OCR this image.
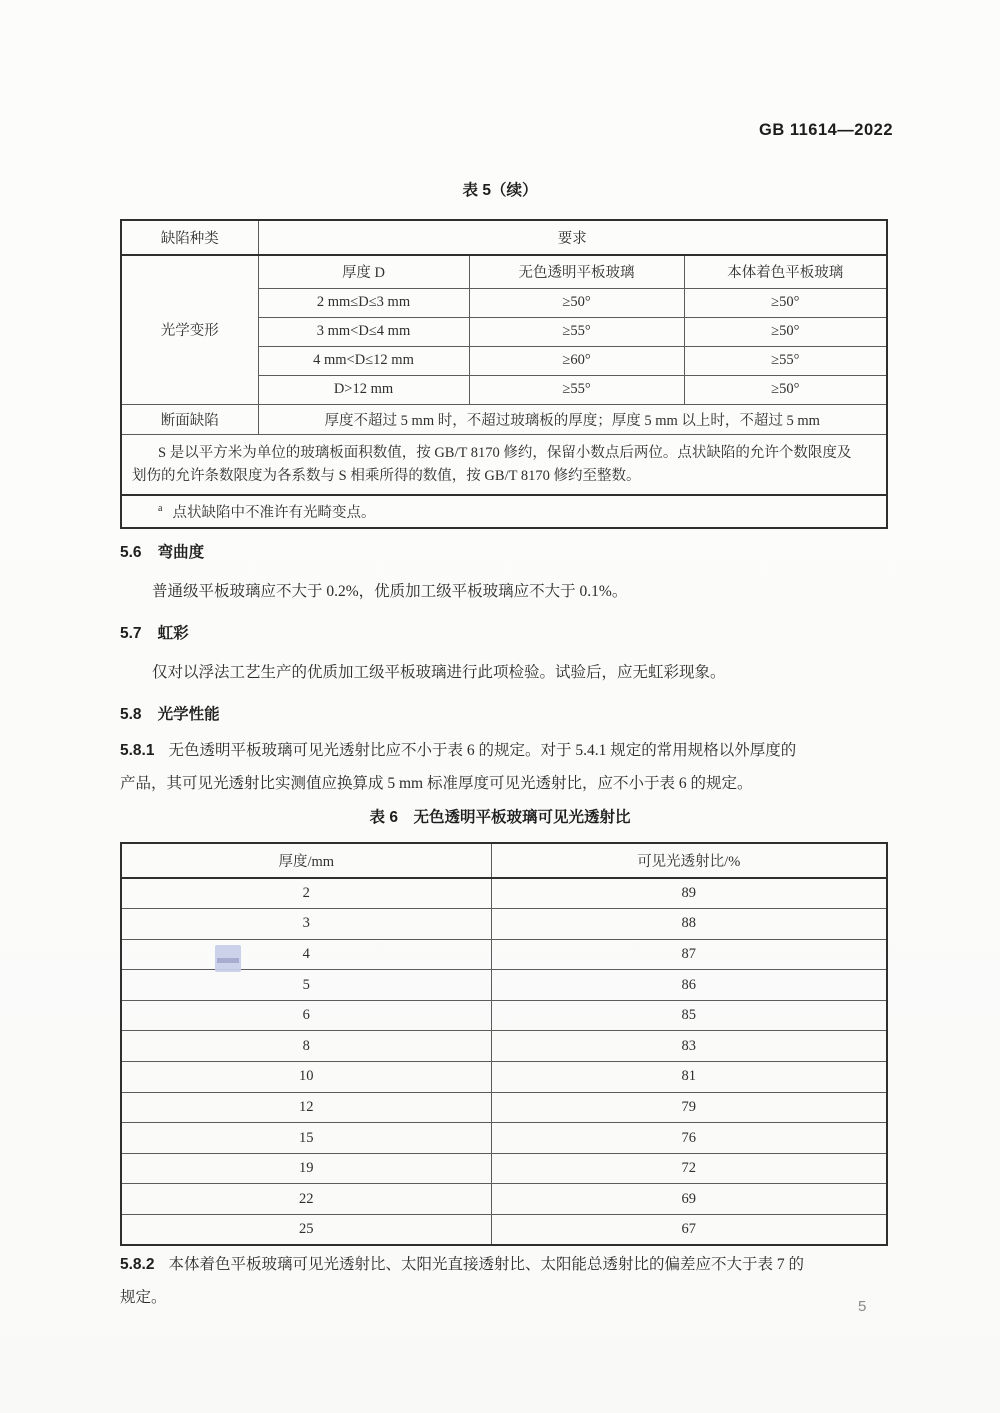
GB 11614—2022
表 5（续）
缺陷种类	要求		
光学变形	厚度 D	无色透明平板玻璃	本体着色平板玻璃
	2 mm≤D≤3 mm	≥50°	≥50°
	3 mm<D≤4 mm	≥55°	≥50°
	4 mm<D≤12 mm	≥60°	≥55°
	D>12 mm	≥55°	≥50°
断面缺陷	厚度不超过 5 mm 时，不超过玻璃板的厚度；厚度 5 mm 以上时，不超过 5 mm		

S 是以平方米为单位的玻璃板面积数值，按 GB/T 8170 修约，保留小数点后两位。点状缺陷的允许个数限度及
划伤的允许条数限度为各系数与 S 相乘所得的数值，按 GB/T 8170 修约至整数。			

$^a$ 点状缺陷中不准许有光畸变点。			
5.6 弯曲度
普通级平板玻璃应不大于 0.2%，优质加工级平板玻璃应不大于 0.1%。
5.7 虹彩
仅对以浮法工艺生产的优质加工级平板玻璃进行此项检验。试验后，应无虹彩现象。
5.8 光学性能
5.8.1 无色透明平板玻璃可见光透射比应不小于表 6 的规定。对于 5.4.1 规定的常用规格以外厚度的
产品，其可见光透射比实测值应换算成 5 mm 标准厚度可见光透射比，应不小于表 6 的规定。
表 6　无色透明平板玻璃可见光透射比
厚度/mm	可见光透射比/%
2	89
3	88
4	87
5	86
6	85
8	83
10	81
12	79
15	76
19	72
22	69
25	67
5.8.2 本体着色平板玻璃可见光透射比、太阳光直接透射比、太阳能总透射比的偏差应不大于表 7 的
规定。
5
